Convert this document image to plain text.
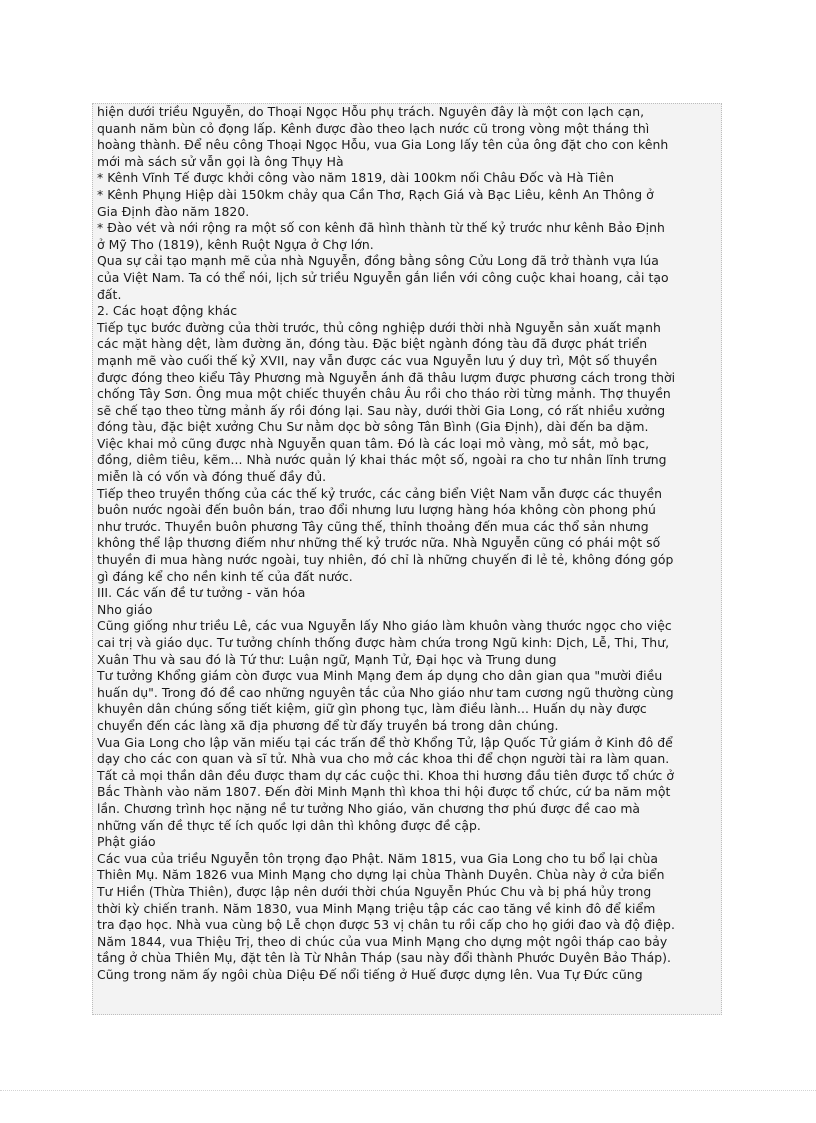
hiện dưới triều Nguyễn, do Thoại Ngọc Hỗu phụ trách. Nguyên đây là một con lạch cạn,
quanh năm bùn cỏ đọng lấp. Kênh được đào theo lạch nước cũ trong vòng một tháng thì
hoàng thành. Để nêu công Thoại Ngọc Hỗu, vua Gia Long lấy tên của ông đặt cho con kênh
mới mà sách sử vẫn gọi là ông Thụy Hà
* Kênh Vĩnh Tế được khởi công vào năm 1819, dài 100km nối Châu Đốc và Hà Tiên
* Kênh Phụng Hiệp dài 150km chảy qua Cần Thơ, Rạch Giá và Bạc Liêu, kênh An Thông ở
Gia Định đào năm 1820.
* Đào vét và nới rộng ra một số con kênh đã hình thành từ thế kỷ trước như kênh Bảo Định
ở Mỹ Tho (1819), kênh Ruột Ngựa ở Chợ lớn.
Qua sự cải tạo mạnh mẽ của nhà Nguyễn, đồng bằng sông Cửu Long đã trở thành vựa lúa
của Việt Nam. Ta có thể nói, lịch sử triều Nguyễn gắn liền với công cuộc khai hoang, cải tạo
đất.
2. Các hoạt động khác
Tiếp tục bước đường của thời trước, thủ công nghiệp dưới thời nhà Nguyễn sản xuất mạnh
các mặt hàng dệt, làm đường ăn, đóng tàu. Đặc biệt ngành đóng tàu đã được phát triển
mạnh mẽ vào cuối thế kỷ XVII, nay vẫn được các vua Nguyễn lưu ý duy trì, Một số thuyền
được đóng theo kiểu Tây Phương mà Nguyễn ánh đã thâu lượm được phương cách trong thời
chống Tây Sơn. Ông mua một chiếc thuyền châu Âu rồi cho tháo rời từng mảnh. Thợ thuyền
sẽ chế tạo theo từng mảnh ấy rồi đóng lại. Sau này, dưới thời Gia Long, có rất nhiều xưởng
đóng tàu, đặc biệt xưởng Chu Sư nằm dọc bờ sông Tân Bình (Gia Định), dài đến ba dặm.
Việc khai mỏ cũng được nhà Nguyễn quan tâm. Đó là các loại mỏ vàng, mỏ sắt, mỏ bạc,
đồng, diêm tiêu, kẽm... Nhà nước quản lý khai thác một số, ngoài ra cho tư nhân lĩnh trưng
miễn là có vốn và đóng thuế đầy đủ.
Tiếp theo truyền thống của các thế kỷ trước, các cảng biển Việt Nam vẫn được các thuyền
buôn nước ngoài đến buôn bán, trao đổi nhưng lưu lượng hàng hóa không còn phong phú
như trước. Thuyền buôn phương Tây cũng thế, thỉnh thoảng đến mua các thổ sản nhưng
không thể lập thương điếm như những thế kỷ trước nữa. Nhà Nguyễn cũng có phái một số
thuyền đi mua hàng nước ngoài, tuy nhiên, đó chỉ là những chuyến đi lẻ tẻ, không đóng góp
gì đáng kể cho nền kinh tế của đất nước.
III. Các vấn đề tư tưởng - văn hóa
Nho giáo
Cũng giống như triều Lê, các vua Nguyễn lấy Nho giáo làm khuôn vàng thước ngọc cho việc
cai trị và giáo dục. Tư tưởng chính thống được hàm chứa trong Ngũ kinh: Dịch, Lễ, Thi, Thư,
Xuân Thu và sau đó là Tứ thư: Luận ngữ, Mạnh Tử, Đại học và Trung dung
Tư tưởng Khổng giám còn được vua Minh Mạng đem áp dụng cho dân gian qua "mười điều
huấn dụ". Trong đó đề cao những nguyên tắc của Nho giáo như tam cương ngũ thường cùng
khuyên dân chúng sống tiết kiệm, giữ gìn phong tục, làm điều lành... Huấn dụ này được
chuyển đến các làng xã địa phương để từ đấy truyền bá trong dân chúng.
Vua Gia Long cho lập văn miếu tại các trấn để thờ Khổng Tử, lập Quốc Tử giám ở Kinh đô để
dạy cho các con quan và sĩ tử. Nhà vua cho mở các khoa thi để chọn người tài ra làm quan.
Tất cả mọi thần dân đều được tham dự các cuộc thi. Khoa thi hương đầu tiên được tổ chức ở
Bắc Thành vào năm 1807. Đến đời Minh Mạnh thì khoa thi hội được tổ chức, cứ ba năm một
lần. Chương trình học nặng nề tư tưởng Nho giáo, văn chương thơ phú được đề cao mà
những vấn đề thực tế ích quốc lợi dân thì không được đề cập.
Phật giáo
Các vua của triều Nguyễn tôn trọng đạo Phật. Năm 1815, vua Gia Long cho tu bổ lại chùa
Thiên Mụ. Năm 1826 vua Minh Mạng cho dựng lại chùa Thành Duyên. Chùa này ở cửa biển
Tư Hiền (Thừa Thiên), được lập nên dưới thời chúa Nguyễn Phúc Chu và bị phá hủy trong
thời kỳ chiến tranh. Năm 1830, vua Minh Mạng triệu tập các cao tăng về kinh đô để kiểm
tra đạo học. Nhà vua cùng bộ Lễ chọn được 53 vị chân tu rồi cấp cho họ giới đao và độ điệp.
Năm 1844, vua Thiệu Trị, theo di chúc của vua Minh Mạng cho dựng một ngôi tháp cao bảy
tầng ở chùa Thiên Mụ, đặt tên là Từ Nhân Tháp (sau này đổi thành Phước Duyên Bảo Tháp).
Cũng trong năm ấy ngôi chùa Diệu Đế nổi tiếng ở Huế được dựng lên. Vua Tự Đức cũng
